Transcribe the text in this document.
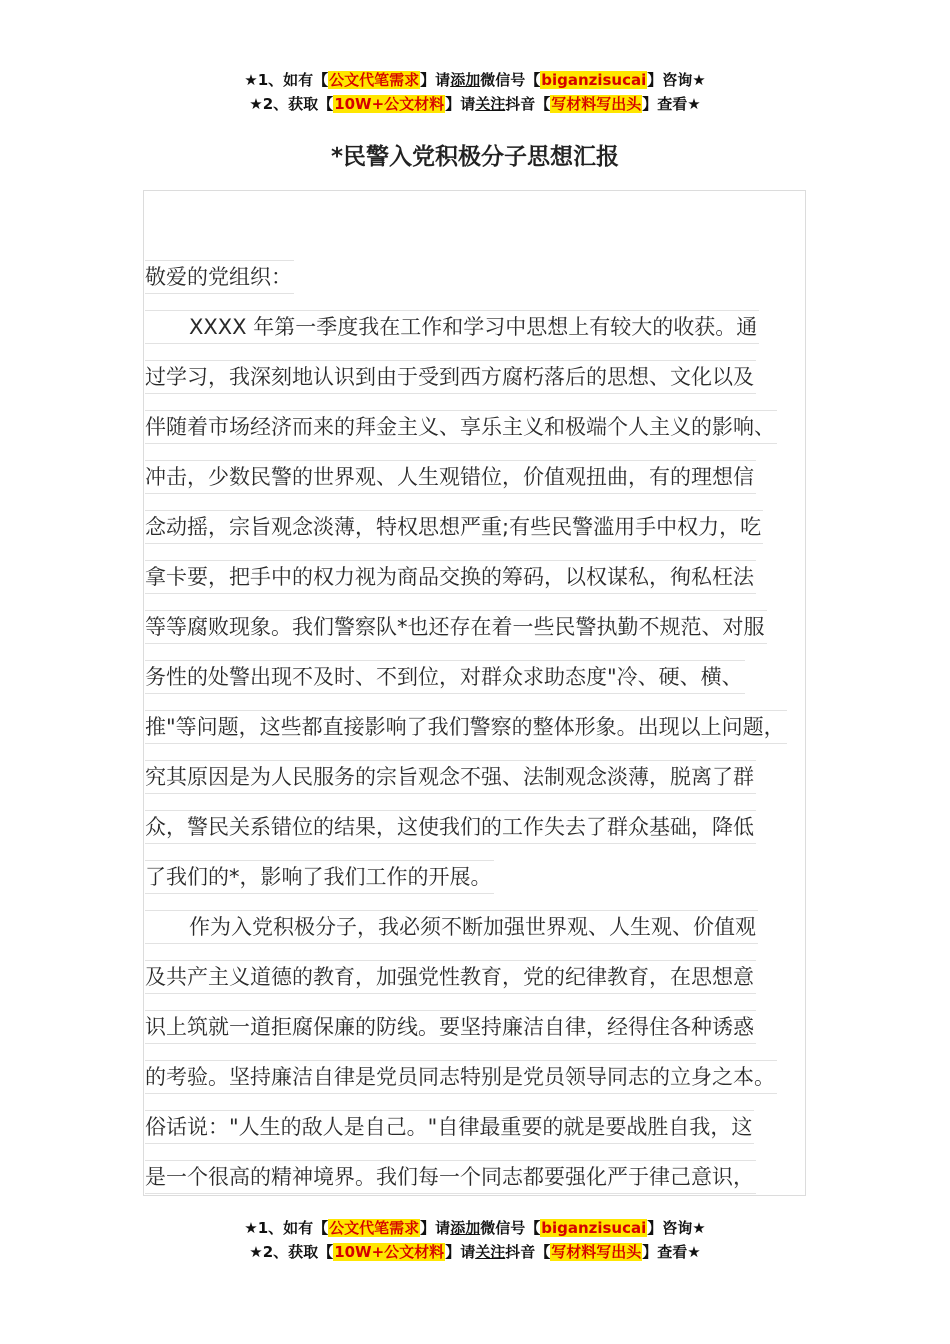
★1、如有【公文代笔需求】请添加微信号【biganzisucai】咨询★
★2、获取【10W+公文材料】请关注抖音【写材料写出头】查看★
*民警入党积极分子思想汇报
敬爱的党组织：
XXXX 年第一季度我在工作和学习中思想上有较大的收获。通
过学习，我深刻地认识到由于受到西方腐朽落后的思想、文化以及
伴随着市场经济而来的拜金主义、享乐主义和极端个人主义的影响、
冲击，少数民警的世界观、人生观错位，价值观扭曲，有的理想信
念动摇，宗旨观念淡薄，特权思想严重;有些民警滥用手中权力，吃
拿卡要，把手中的权力视为商品交换的筹码，以权谋私，徇私枉法
等等腐败现象。我们警察队*也还存在着一些民警执勤不规范、对服
务性的处警出现不及时、不到位，对群众求助态度"冷、硬、横、
推"等问题，这些都直接影响了我们警察的整体形象。出现以上问题，
究其原因是为人民服务的宗旨观念不强、法制观念淡薄，脱离了群
众，警民关系错位的结果，这使我们的工作失去了群众基础，降低
了我们的*，影响了我们工作的开展。
作为入党积极分子，我必须不断加强世界观、人生观、价值观
及共产主义道德的教育，加强党性教育，党的纪律教育，在思想意
识上筑就一道拒腐保廉的防线。要坚持廉洁自律，经得住各种诱惑
的考验。坚持廉洁自律是党员同志特别是党员领导同志的立身之本。
俗话说："人生的敌人是自己。"自律最重要的就是要战胜自我，这
是一个很高的精神境界。我们每一个同志都要强化严于律己意识，
★1、如有【公文代笔需求】请添加微信号【biganzisucai】咨询★
★2、获取【10W+公文材料】请关注抖音【写材料写出头】查看★
